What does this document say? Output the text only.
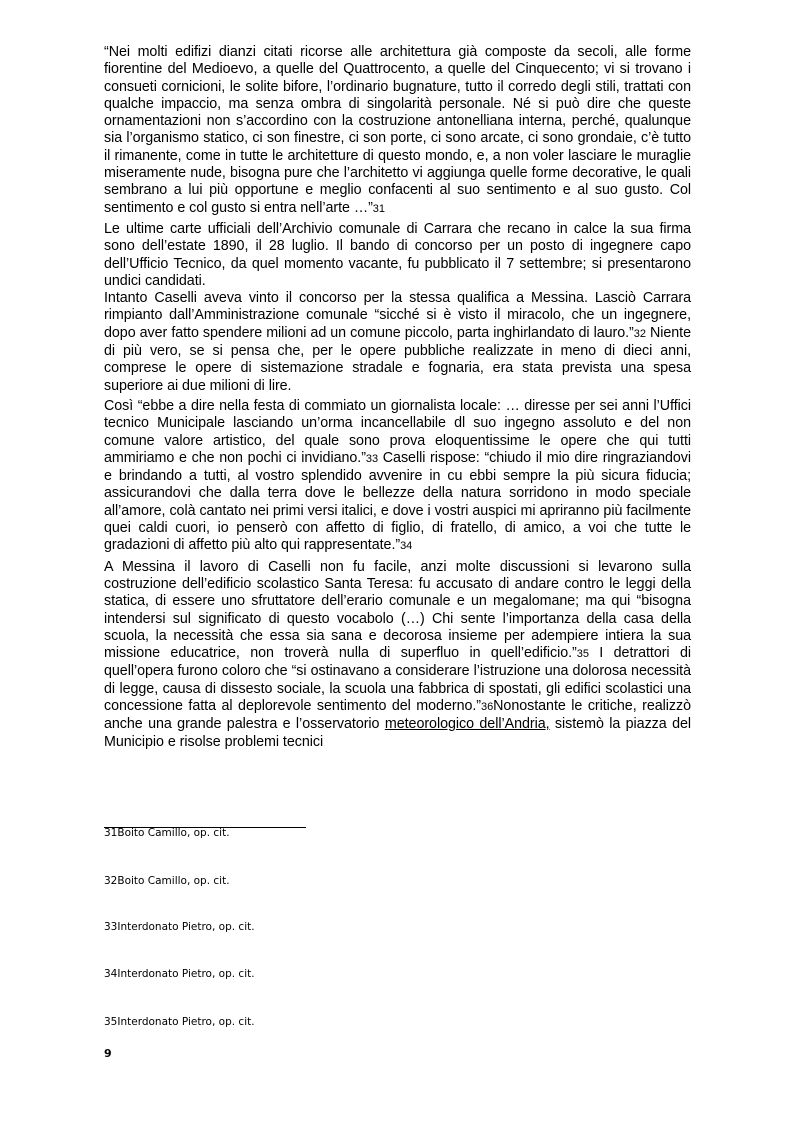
“Nei molti edifizi dianzi citati ricorse alle architettura già composte da secoli, alle forme fiorentine del Medioevo, a quelle del Quattrocento, a quelle del Cinquecento; vi si trovano i consueti cornicioni, le solite bifore, l’ordinario bugnature, tutto il corredo degli stili, trattati con qualche impaccio, ma senza ombra di singolarità personale. Né si può dire che queste ornamentazioni non s’accordino con la costruzione antonelliana interna, perché, qualunque sia l’organismo statico, ci son finestre, ci son porte, ci sono arcate, ci sono grondaie, c’è tutto il rimanente, come in tutte le architetture di questo mondo, e, a non voler lasciare le muraglie miseramente nude, bisogna pure che l’architetto vi aggiunga quelle forme decorative, le quali sembrano a lui più opportune e meglio confacenti al suo sentimento e al suo gusto. Col sentimento e col gusto si entra nell’arte …”31

Le ultime carte ufficiali dell’Archivio comunale di Carrara che recano in calce la sua firma sono dell’estate 1890, il 28 luglio. Il bando di concorso per un posto di ingegnere capo dell’Ufficio Tecnico, da quel momento vacante, fu pubblicato il 7 settembre; si presentarono undici candidati.

Intanto Caselli aveva vinto il concorso per la stessa qualifica a Messina. Lasciò Carrara rimpianto dall’Amministrazione comunale “sicché si è visto il miracolo, che un ingegnere, dopo aver fatto spendere milioni ad un comune piccolo, parta inghirlandato di lauro.”32 Niente di più vero, se si pensa che, per le opere pubbliche realizzate in meno di dieci anni, comprese le opere di sistemazione stradale e fognaria, era stata prevista una spesa superiore ai due milioni di lire.

Così “ebbe a dire nella festa di commiato un giornalista locale: … diresse per sei anni l’Uffici tecnico Municipale lasciando un’orma incancellabile dl suo ingegno assoluto e del non comune valore artistico, del quale sono prova eloquentissime le opere che qui tutti ammiriamo e che non pochi ci invidiano.”33 Caselli rispose: “chiudo il mio dire ringraziandovi e brindando a tutti, al vostro splendido avvenire in cu ebbi sempre la più sicura fiducia; assicurandovi che dalla terra dove le bellezze della natura sorridono in modo speciale all’amore, colà cantato nei primi versi italici, e dove i vostri auspici mi apriranno più facilmente quei caldi cuori, io penserò con affetto di figlio, di fratello, di amico, a voi che tutte le gradazioni di affetto più alto qui rappresentate.”34

A Messina il lavoro di Caselli non fu facile, anzi molte discussioni si levarono sulla costruzione dell’edificio scolastico Santa Teresa: fu accusato di andare contro le leggi della statica, di essere uno sfruttatore dell’erario comunale e un megalomane; ma qui “bisogna intendersi sul significato di questo vocabolo (…) Chi sente l’importanza della casa della scuola, la necessità che essa sia sana e decorosa insieme per adempiere intiera la sua missione educatrice, non troverà nulla di superfluo in quell’edificio.”35 I detrattori di quell’opera furono coloro che “si ostinavano a considerare l’istruzione una dolorosa necessità di legge, causa di dissesto sociale, la scuola una fabbrica di spostati, gli edifici scolastici una concessione fatta al deplorevole sentimento del moderno.”36Nonostante le critiche, realizzò anche una grande palestra e l’osservatorio meteorologico dell’Andria, sistemò la piazza del Municipio e risolse problemi tecnici

31Boito Camillo, op. cit.
32Boito Camillo, op. cit.
33Interdonato Pietro, op. cit.
34Interdonato Pietro, op. cit.
35Interdonato Pietro, op. cit.
9
